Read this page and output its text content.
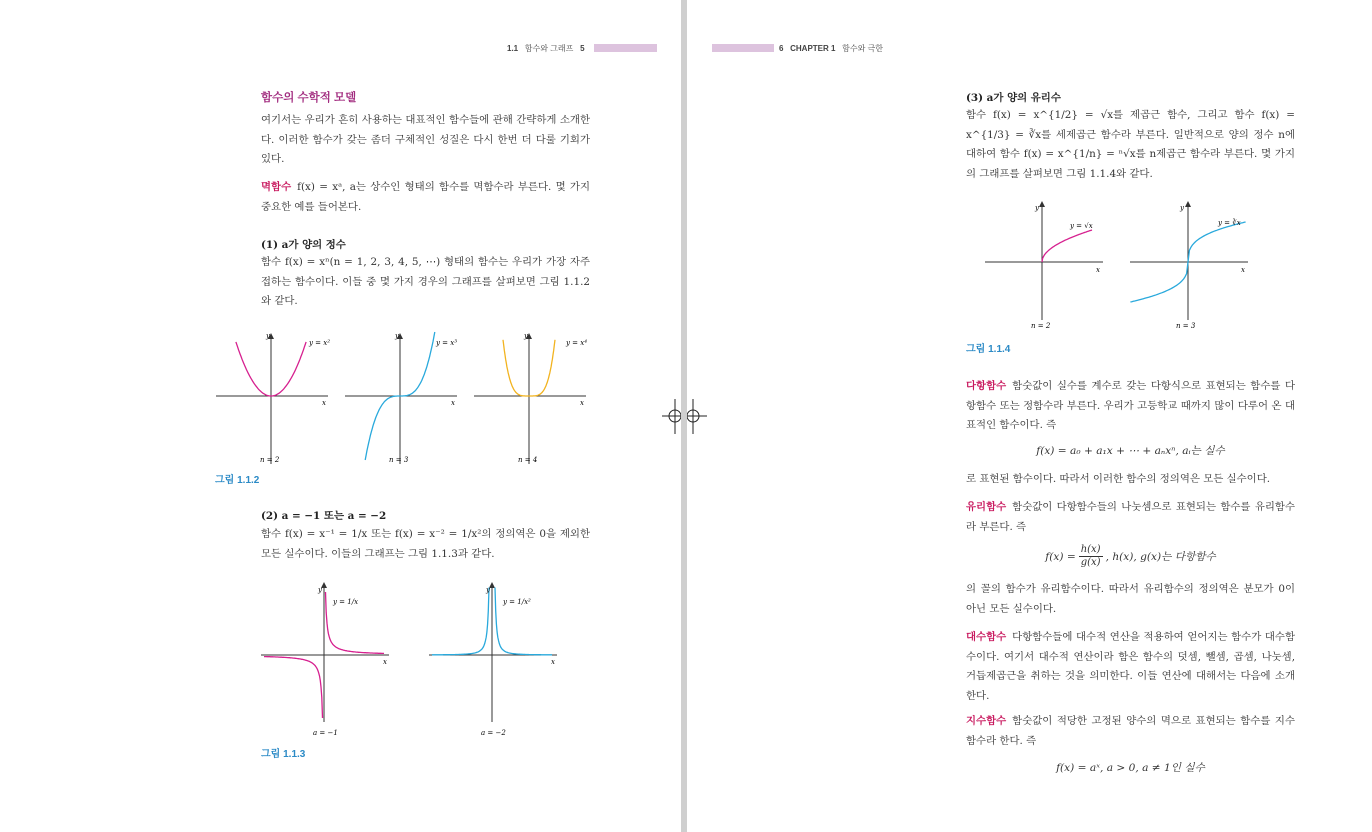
1.1 함수와 그래프 5
함수의 수학적 모델
여기서는 우리가 흔히 사용하는 대표적인 함수들에 관해 간략하게 소개한다. 이러한 함수가 갖는 좀더 구체적인 성질은 다시 한번 더 다룰 기회가 있다.
멱함수 f(x) = xᵃ, a는 상수인 형태의 함수를 멱함수라 부른다. 몇 가지 중요한 예를 들어본다.
(1) a가 양의 정수
함수 f(x) = xⁿ(n = 1, 2, 3, 4, 5, ⋯) 형태의 함수는 우리가 가장 자주 접하는 함수이다. 이들 중 몇 가지 경우의 그래프를 살펴보면 그림 1.1.2와 같다.
y
x
y = x²
n = 2
y
x
y = x³
n = 3
y
x
y = x⁴
n = 4
그림 1.1.2
(2) a = −1 또는 a = −2
함수 f(x) = x⁻¹ = 1/x 또는 f(x) = x⁻² = 1/x²의 정의역은 0을 제외한 모든 실수이다. 이들의 그래프는 그림 1.1.3과 같다.
y
x
y = 1/x
a = −1
y
x
y = 1/x²
a = −2
그림 1.1.3
6 CHAPTER 1 함수와 극한
(3) a가 양의 유리수
함수 f(x) = x^{1/2} = √x를 제곱근 함수, 그리고 함수 f(x) = x^{1/3} = ∛x를 세제곱근 함수라 부른다. 일반적으로 양의 정수 n에 대하여 함수 f(x) = x^{1/n} = ⁿ√x를 n제곱근 함수라 부른다. 몇 가지의 그래프를 살펴보면 그림 1.1.4와 같다.
y
x
y = √x
n = 2
y
x
y = ∛x
n = 3
그림 1.1.4
다항함수 함숫값이 실수를 계수로 갖는 다항식으로 표현되는 함수를 다항함수 또는 정함수라 부른다. 우리가 고등학교 때까지 많이 다루어 온 대표적인 함수이다. 즉
f(x) = a₀ + a₁x + ⋯ + aₙxⁿ, aᵢ는 실수
로 표현된 함수이다. 따라서 이러한 함수의 정의역은 모든 실수이다.
유리함수 함숫값이 다항함수들의 나눗셈으로 표현되는 함수를 유리함수라 부른다. 즉
$f(x) = \frac{h(x)}{g(x)}$ , h(x), g(x)는 다항함수
의 꼴의 함수가 유리함수이다. 따라서 유리함수의 정의역은 분모가 0이 아닌 모든 실수이다.
대수함수 다항함수들에 대수적 연산을 적용하여 얻어지는 함수가 대수함수이다. 여기서 대수적 연산이라 함은 함수의 덧셈, 뺄셈, 곱셈, 나눗셈, 거듭제곱근을 취하는 것을 의미한다. 이들 연산에 대해서는 다음에 소개한다.
지수함수 함숫값이 적당한 고정된 양수의 멱으로 표현되는 함수를 지수함수라 한다. 즉
f(x) = aˣ, a > 0, a ≠ 1인 실수
